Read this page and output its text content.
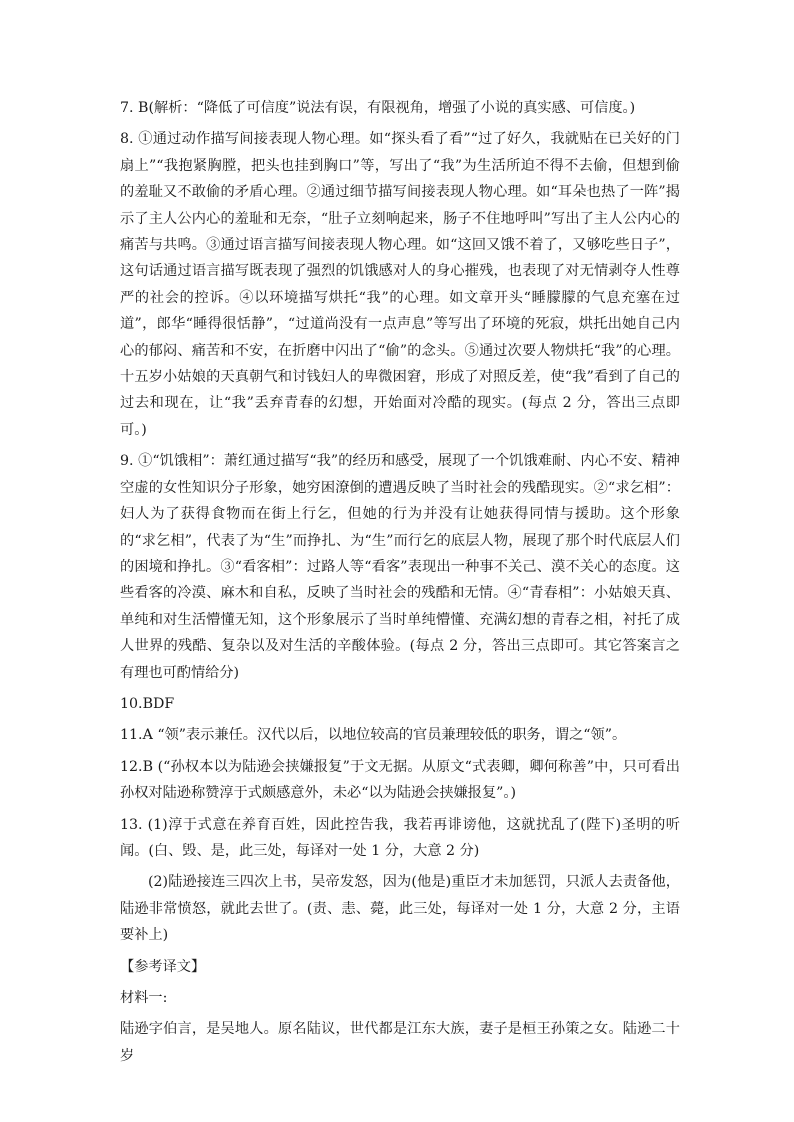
7. B(解析：“降低了可信度”说法有误，有限视角，增强了小说的真实感、可信度。)

8. ①通过动作描写间接表现人物心理。如“探头看了看”“过了好久，我就贴在已关好的门扇上”“我抱紧胸膛，把头也挂到胸口”等，写出了“我”为生活所迫不得不去偷，但想到偷的羞耻又不敢偷的矛盾心理。②通过细节描写间接表现人物心理。如“耳朵也热了一阵”揭示了主人公内心的羞耻和无奈，“肚子立刻响起来，肠子不住地呼叫”写出了主人公内心的痛苦与共鸣。③通过语言描写间接表现人物心理。如“这回又饿不着了，又够吃些日子”，这句话通过语言描写既表现了强烈的饥饿感对人的身心摧残，也表现了对无情剥夺人性尊严的社会的控诉。④以环境描写烘托“我”的心理。如文章开头“睡朦朦的气息充塞在过道”，郎华“睡得很恬静”，“过道尚没有一点声息”等写出了环境的死寂，烘托出她自己内心的郁闷、痛苦和不安，在折磨中闪出了“偷”的念头。⑤通过次要人物烘托“我”的心理。十五岁小姑娘的天真朝气和讨钱妇人的卑微困窘，形成了对照反差，使“我”看到了自己的过去和现在，让“我”丢弃青春的幻想，开始面对冷酷的现实。(每点 2 分，答出三点即可。)

9. ①“饥饿相”：萧红通过描写“我”的经历和感受，展现了一个饥饿难耐、内心不安、精神空虚的女性知识分子形象，她穷困潦倒的遭遇反映了当时社会的残酷现实。②“求乞相”：妇人为了获得食物而在街上行乞，但她的行为并没有让她获得同情与援助。这个形象的“求乞相”，代表了为“生”而挣扎、为“生”而行乞的底层人物，展现了那个时代底层人们的困境和挣扎。③“看客相”：过路人等“看客”表现出一种事不关己、漠不关心的态度。这些看客的冷漠、麻木和自私，反映了当时社会的残酷和无情。④“青春相”：小姑娘天真、单纯和对生活懵懂无知，这个形象展示了当时单纯懵懂、充满幻想的青春之相，衬托了成人世界的残酷、复杂以及对生活的辛酸体验。(每点 2 分，答出三点即可。其它答案言之有理也可酌情给分)

10.BDF

11.A “领”表示兼任。汉代以后，以地位较高的官员兼理较低的职务，谓之“领”。

12.B (“孙权本以为陆逊会挟嫌报复”于文无据。从原文“式表卿，卿何称善”中，只可看出孙权对陆逊称赞淳于式颇感意外，未必“以为陆逊会挟嫌报复”。)

13. (1)淳于式意在养育百姓，因此控告我，我若再诽谤他，这就扰乱了(陛下)圣明的听闻。(白、毁、是，此三处，每译对一处 1 分，大意 2 分)

(2)陆逊接连三四次上书，吴帝发怒，因为(他是)重臣才未加惩罚，只派人去责备他，陆逊非常愤怒，就此去世了。(责、恚、薨，此三处，每译对一处 1 分，大意 2 分，主语要补上)

【参考译文】

材料一:

陆逊字伯言，是吴地人。原名陆议，世代都是江东大族，妻子是桓王孙策之女。陆逊二十岁
